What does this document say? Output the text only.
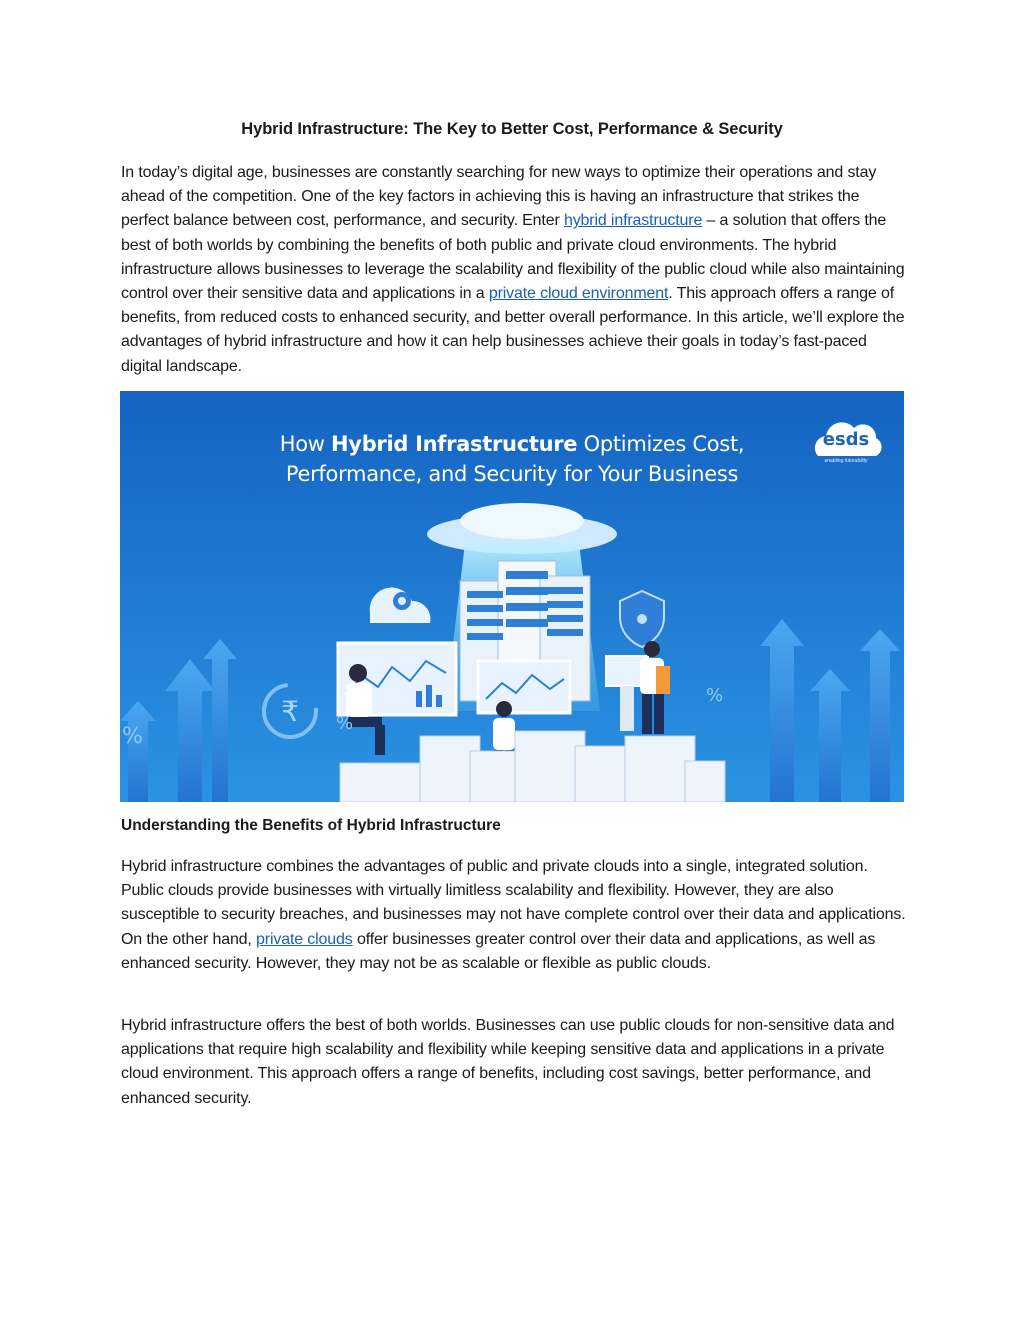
Hybrid Infrastructure: The Key to Better Cost, Performance & Security

In today’s digital age, businesses are constantly searching for new ways to optimize their operations and stay ahead of the competition. One of the key factors in achieving this is having an infrastructure that strikes the perfect balance between cost, performance, and security. Enter hybrid infrastructure – a solution that offers the best of both worlds by combining the benefits of both public and private cloud environments. The hybrid infrastructure allows businesses to leverage the scalability and flexibility of the public cloud while also maintaining control over their sensitive data and applications in a private cloud environment. This approach offers a range of benefits, from reduced costs to enhanced security, and better overall performance. In this article, we’ll explore the advantages of hybrid infrastructure and how it can help businesses achieve their goals in today’s fast-paced digital landscape.

₹
%
%
%
How Hybrid Infrastructure Optimizes Cost,
Performance, and Security for Your Business
esds
enabling futurability
Understanding the Benefits of Hybrid Infrastructure

Hybrid infrastructure combines the advantages of public and private clouds into a single, integrated solution. Public clouds provide businesses with virtually limitless scalability and flexibility. However, they are also susceptible to security breaches, and businesses may not have complete control over their data and applications. On the other hand, private clouds offer businesses greater control over their data and applications, as well as enhanced security. However, they may not be as scalable or flexible as public clouds.

Hybrid infrastructure offers the best of both worlds. Businesses can use public clouds for non-sensitive data and applications that require high scalability and flexibility while keeping sensitive data and applications in a private cloud environment. This approach offers a range of benefits, including cost savings, better performance, and enhanced security.
